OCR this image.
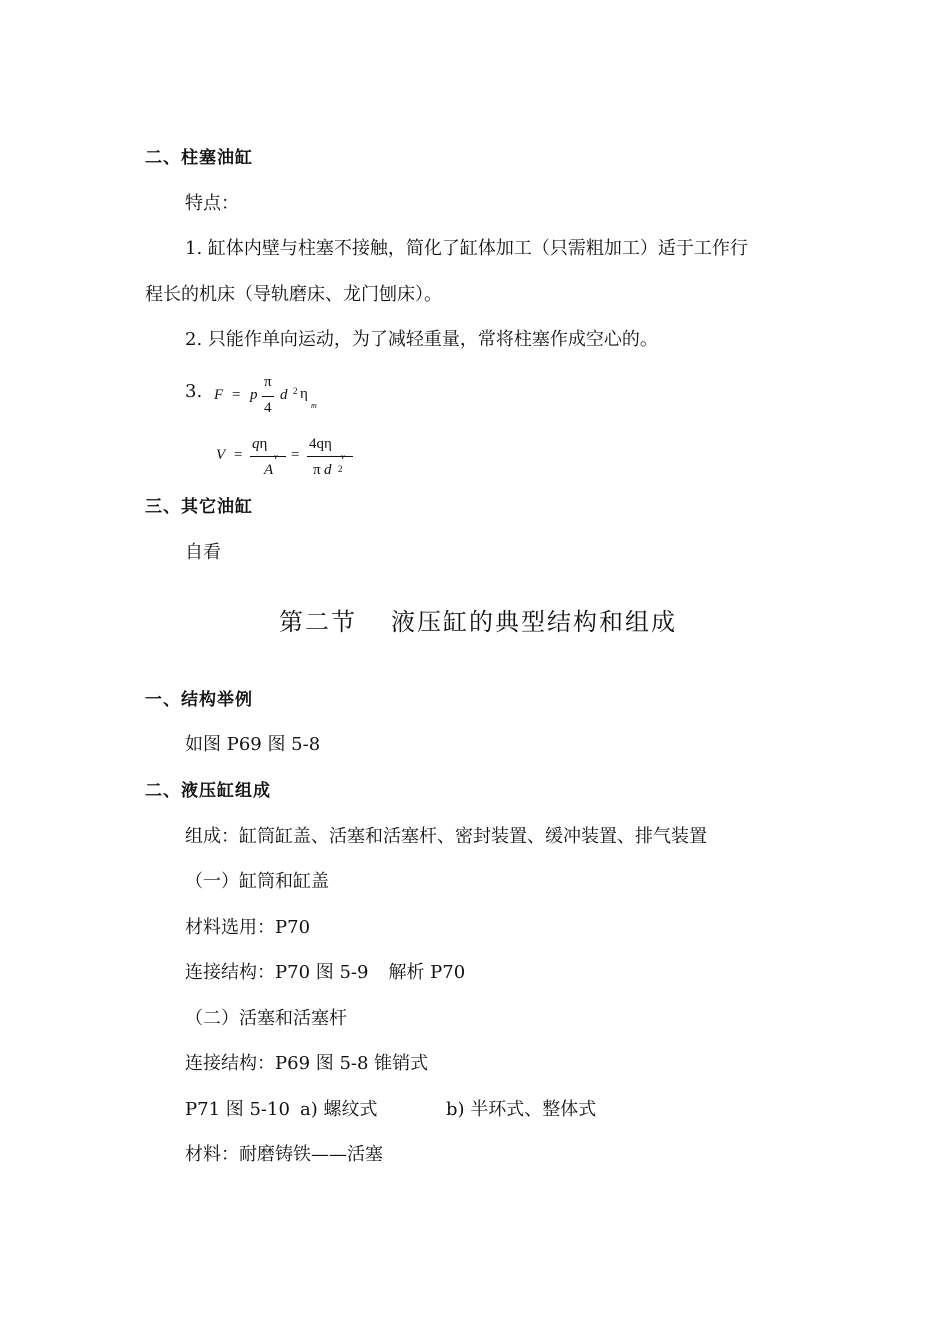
二、柱塞油缸
特点：
1. 缸体内壁与柱塞不接触，简化了缸体加工（只需粗加工）适于工作行
程长的机床（导轨磨床、龙门刨床）。
2. 只能作单向运动，为了减轻重量，常将柱塞作成空心的。
3. F = p
π
4
d 2 η
m
V =
qη
A
=
4qη
π d 2
三、其它油缸
自看
第二节 液压缸的典型结构和组成
一、结构举例
如图 P69 图 5-8
二、液压缸组成
组成：缸筒缸盖、活塞和活塞杆、密封装置、缓冲装置、排气装置
（一）缸筒和缸盖
材料选用：P70
连接结构：P70 图 5-9 解析 P70
（二）活塞和活塞杆
连接结构：P69 图 5-8 锥销式
P71 图 5-10 a) 螺纹式	b) 半环式、整体式
材料：耐磨铸铁——活塞
